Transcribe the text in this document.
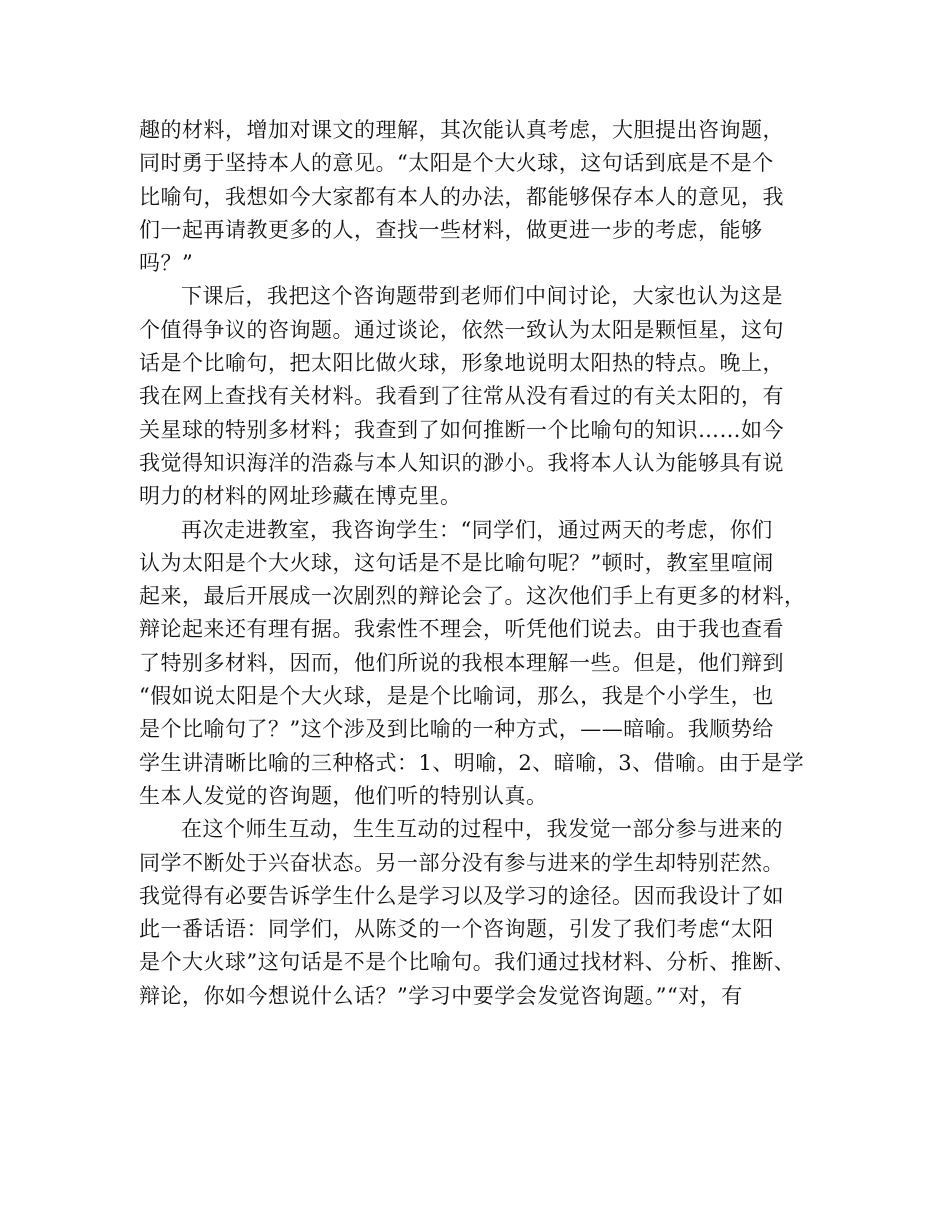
趣的材料，增加对课文的理解，其次能认真考虑，大胆提出咨询题，
同时勇于坚持本人的意见。“太阳是个大火球，这句话到底是不是个
比喻句，我想如今大家都有本人的办法，都能够保存本人的意见，我
们一起再请教更多的人，查找一些材料，做更进一步的考虑，能够
吗？”
下课后，我把这个咨询题带到老师们中间讨论，大家也认为这是
个值得争议的咨询题。通过谈论，依然一致认为太阳是颗恒星，这句
话是个比喻句，把太阳比做火球，形象地说明太阳热的特点。晚上，
我在网上查找有关材料。我看到了往常从没有看过的有关太阳的，有
关星球的特别多材料；我查到了如何推断一个比喻句的知识……如今
我觉得知识海洋的浩淼与本人知识的渺小。我将本人认为能够具有说
明力的材料的网址珍藏在博克里。
再次走进教室，我咨询学生：“同学们，通过两天的考虑，你们
认为太阳是个大火球，这句话是不是比喻句呢？”顿时，教室里喧闹
起来，最后开展成一次剧烈的辩论会了。这次他们手上有更多的材料，
辩论起来还有理有据。我索性不理会，听凭他们说去。由于我也查看
了特别多材料，因而，他们所说的我根本理解一些。但是，他们辩到
“假如说太阳是个大火球，是是个比喻词，那么，我是个小学生，也
是个比喻句了？”这个涉及到比喻的一种方式，——暗喻。我顺势给
学生讲清晰比喻的三种格式：1、明喻，2、暗喻，3、借喻。由于是学
生本人发觉的咨询题，他们听的特别认真。
在这个师生互动，生生互动的过程中，我发觉一部分参与进来的
同学不断处于兴奋状态。另一部分没有参与进来的学生却特别茫然。
我觉得有必要告诉学生什么是学习以及学习的途径。因而我设计了如
此一番话语：同学们，从陈爻的一个咨询题，引发了我们考虑“太阳
是个大火球”这句话是不是个比喻句。我们通过找材料、分析、推断、
辩论，你如今想说什么话？”学习中要学会发觉咨询题。”“对，有
